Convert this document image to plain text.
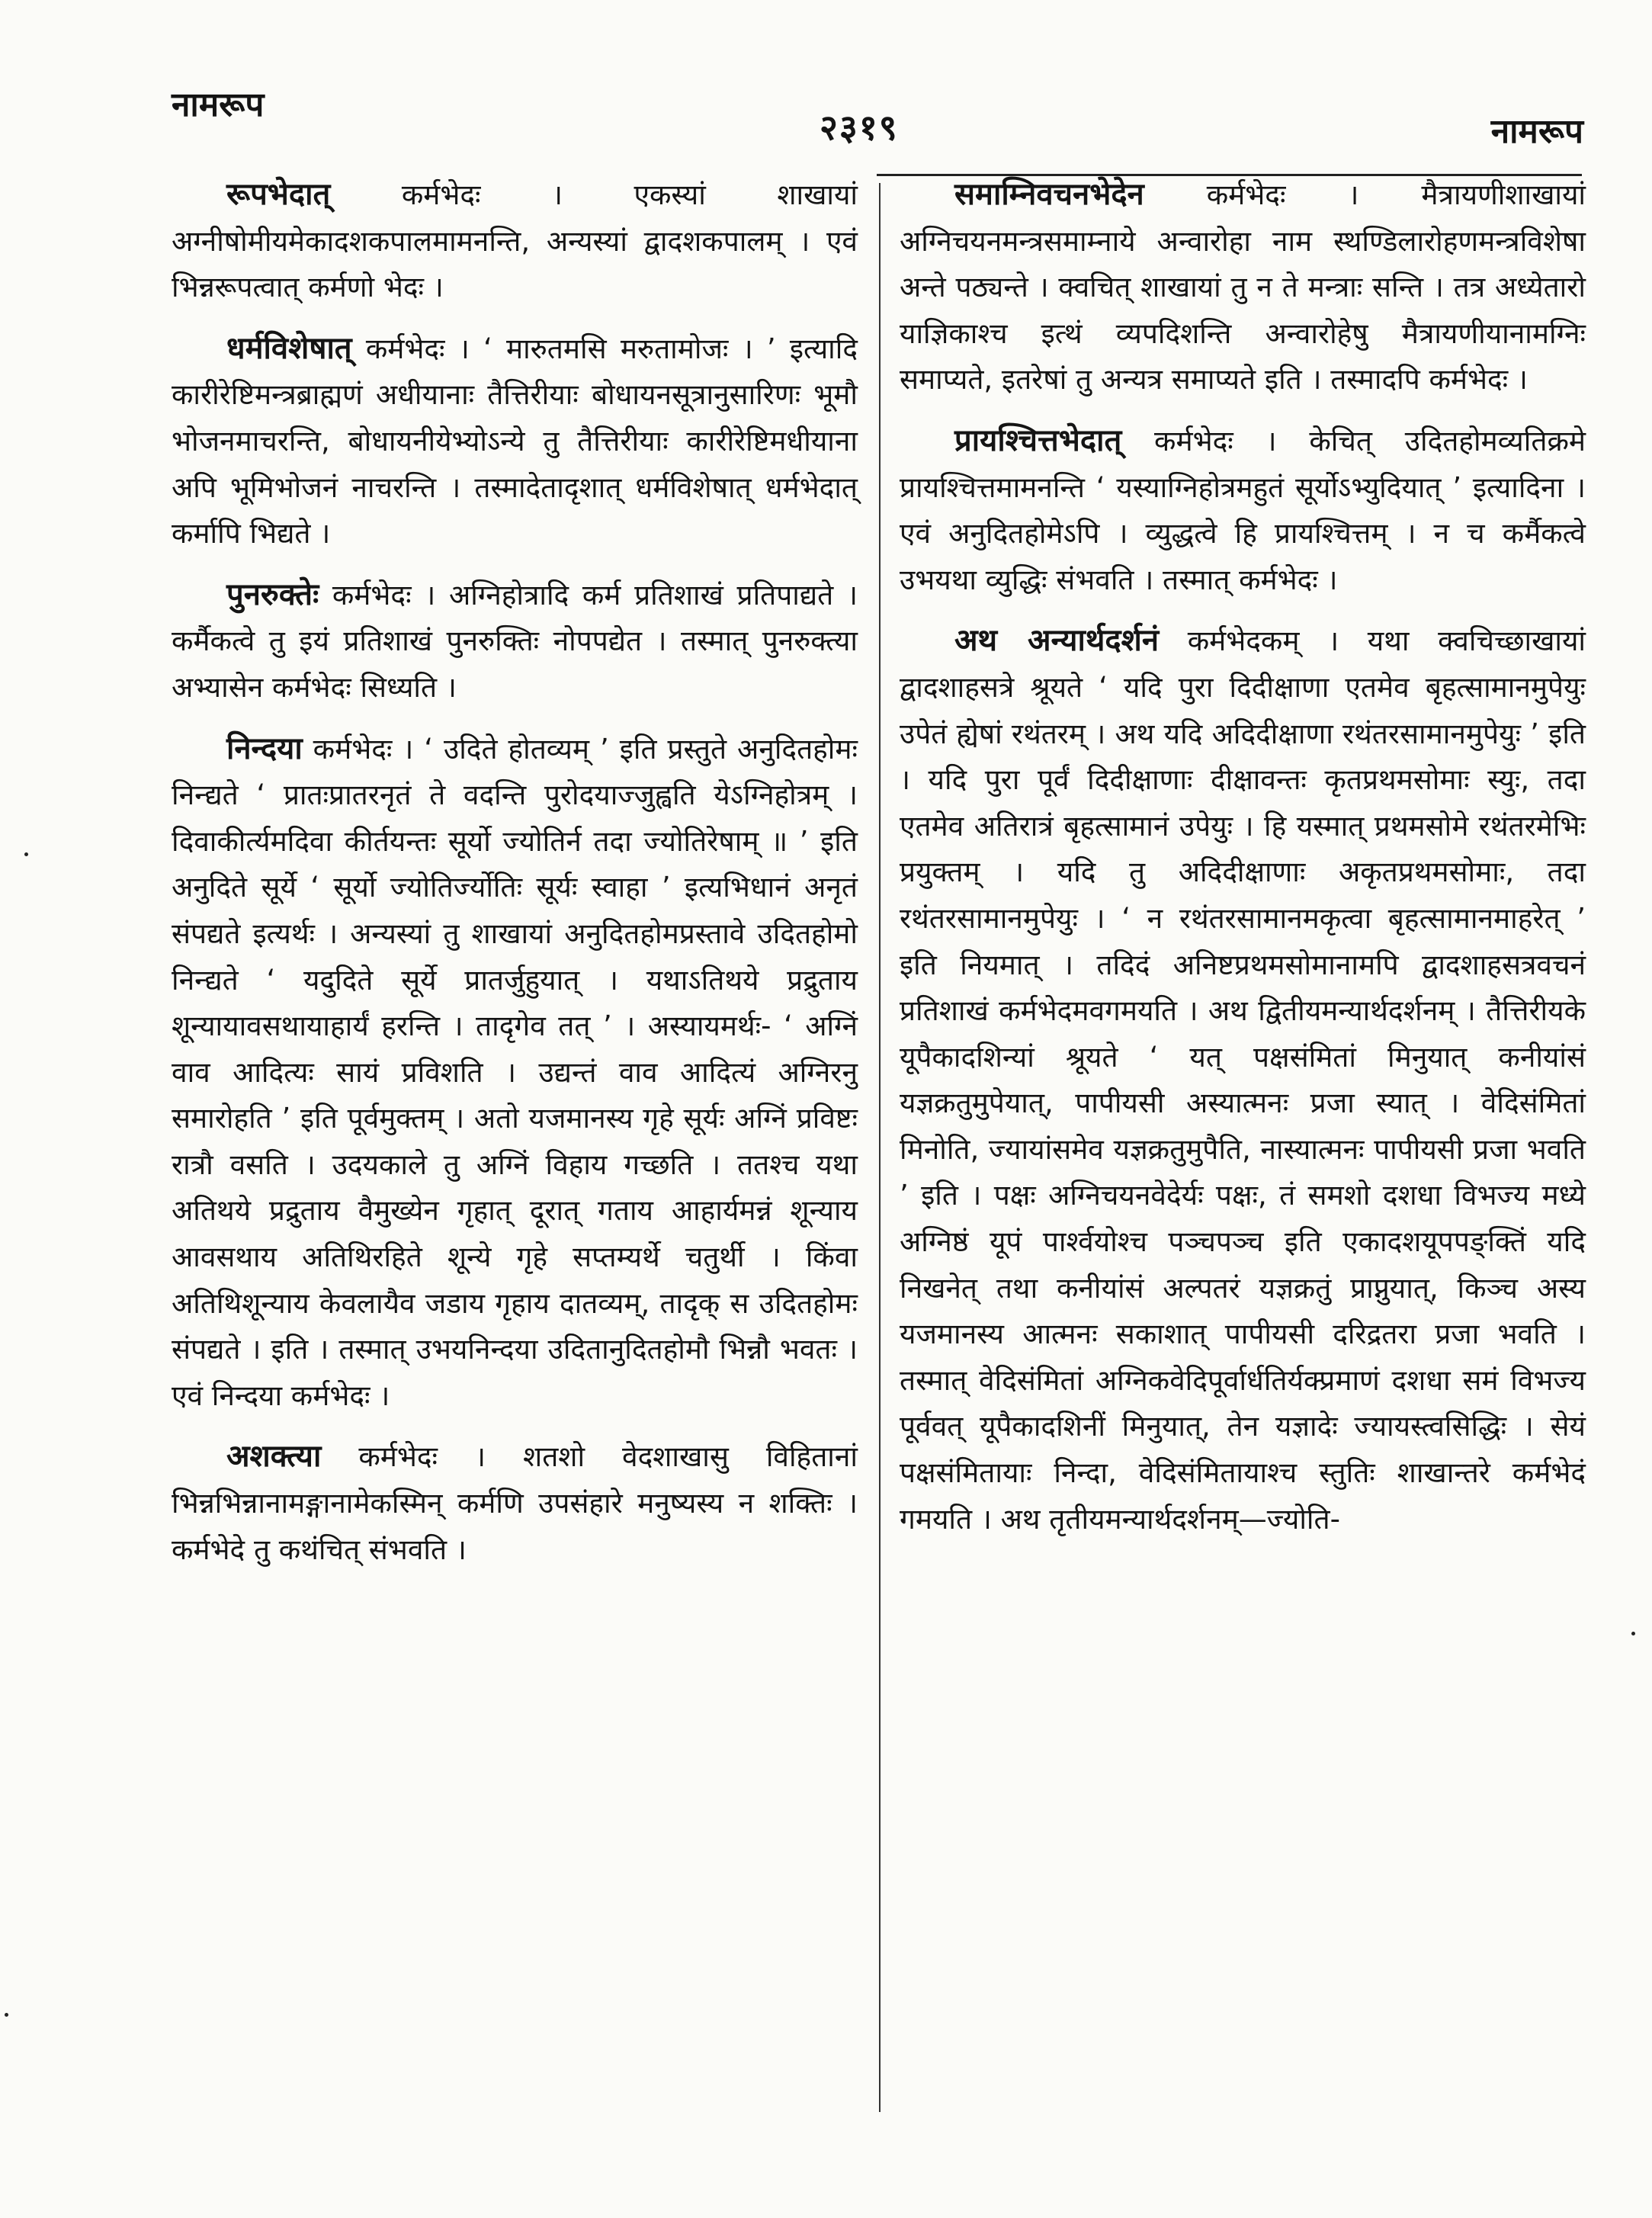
नामरूप
२३१९	नामरूप

रूपभेदात् कर्मभेदः । एकस्यां शाखायां अग्नीषोमीयमेकादशकपालमामनन्ति, अन्यस्यां द्वादशकपालम् । एवं भिन्नरूपत्वात् कर्मणो भेदः ।

धर्मविशेषात् कर्मभेदः । ‘ मारुतमसि मरुतामोजः । ’ इत्यादि कारीरेष्टिमन्त्रब्राह्मणं अधीयानाः तैत्तिरीयाः बोधायनसूत्रानुसारिणः भूमौ भोजनमाचरन्ति, बोधायनीयेभ्योऽन्ये तु तैत्तिरीयाः कारीरेष्टिमधीयाना अपि भूमिभोजनं नाचरन्ति । तस्मादेतादृशात् धर्मविशेषात् धर्मभेदात् कर्मापि भिद्यते ।

पुनरुक्तेः कर्मभेदः । अग्निहोत्रादि कर्म प्रतिशाखं प्रतिपाद्यते । कर्मैकत्वे तु इयं प्रतिशाखं पुनरुक्तिः नोपपद्येत । तस्मात् पुनरुक्त्या अभ्यासेन कर्मभेदः सिध्यति ।

निन्दया कर्मभेदः । ‘ उदिते होतव्यम् ’ इति प्रस्तुते अनुदितहोमः निन्द्यते ‘ प्रातःप्रातरनृतं ते वदन्ति पुरोदयाज्जुह्वति येऽग्निहोत्रम् । दिवाकीर्त्यमदिवा कीर्तयन्तः सूर्यो ज्योतिर्न तदा ज्योतिरेषाम् ॥ ’ इति अनुदिते सूर्ये ‘ सूर्यो ज्योतिर्ज्योतिः सूर्यः स्वाहा ’ इत्यभिधानं अनृतं संपद्यते इत्यर्थः । अन्यस्यां तु शाखायां अनुदितहोमप्रस्तावे उदितहोमो निन्द्यते ‘ यदुदिते सूर्ये प्रातर्जुहुयात् । यथाऽतिथये प्रद्रुताय शून्यायावसथायाहार्यं हरन्ति । तादृगेव तत् ’ । अस्यायमर्थः- ‘ अग्निं वाव आदित्यः सायं प्रविशति । उद्यन्तं वाव आदित्यं अग्निरनु समारोहति ’ इति पूर्वमुक्तम् । अतो यजमानस्य गृहे सूर्यः अग्निं प्रविष्टः रात्रौ वसति । उदयकाले तु अग्निं विहाय गच्छति । ततश्च यथा अतिथये प्रद्रुताय वैमुख्येन गृहात् दूरात् गताय आहार्यमन्नं शून्याय आवसथाय अतिथिरहिते शून्ये गृहे सप्तम्यर्थे चतुर्थी । किंवा अतिथिशून्याय केवलायैव जडाय गृहाय दातव्यम्, तादृक् स उदितहोमः संपद्यते । इति । तस्मात् उभयनिन्दया उदितानुदितहोमौ भिन्नौ भवतः । एवं निन्दया कर्मभेदः ।

अशक्त्या कर्मभेदः । शतशो वेदशाखासु विहितानां भिन्नभिन्नानामङ्गानामेकस्मिन् कर्मणि उपसंहारे मनुष्यस्य न शक्तिः । कर्मभेदे तु कथंचित् संभवति ।

समाम्निवचनभेदेन कर्मभेदः । मैत्रायणीशाखायां अग्निचयनमन्त्रसमाम्नाये अन्वारोहा नाम स्थण्डिलारोहणमन्त्रविशेषा अन्ते पठ्यन्ते । क्वचित् शाखायां तु न ते मन्त्राः सन्ति । तत्र अध्येतारो याज्ञिकाश्च इत्थं व्यपदिशन्ति अन्वारोहेषु मैत्रायणीयानामग्निः समाप्यते, इतरेषां तु अन्यत्र समाप्यते इति । तस्मादपि कर्मभेदः ।

प्रायश्चित्तभेदात् कर्मभेदः । केचित् उदितहोमव्यतिक्रमे प्रायश्चित्तमामनन्ति ‘ यस्याग्निहोत्रमहुतं सूर्योऽभ्युदियात् ’ इत्यादिना । एवं अनुदितहोमेऽपि । व्युद्धत्वे हि प्रायश्चित्तम् । न च कर्मैकत्वे उभयथा व्युद्धिः संभवति । तस्मात् कर्मभेदः ।

अथ अन्यार्थदर्शनं कर्मभेदकम् । यथा क्वचिच्छाखायां द्वादशाहसत्रे श्रूयते ‘ यदि पुरा दिदीक्षाणा एतमेव बृहत्सामानमुपेयुः उपेतं ह्येषां रथंतरम् । अथ यदि अदिदीक्षाणा रथंतरसामानमुपेयुः ’ इति । यदि पुरा पूर्वं दिदीक्षाणाः दीक्षावन्तः कृतप्रथमसोमाः स्युः, तदा एतमेव अतिरात्रं बृहत्सामानं उपेयुः । हि यस्मात् प्रथमसोमे रथंतरमेभिः प्रयुक्तम् । यदि तु अदिदीक्षाणाः अकृतप्रथमसोमाः, तदा रथंतरसामानमुपेयुः । ‘ न रथंतरसामानमकृत्वा बृहत्सामानमाहरेत् ’ इति नियमात् । तदिदं अनिष्टप्रथमसोमानामपि द्वादशाहसत्रवचनं प्रतिशाखं कर्मभेदमवगमयति । अथ द्वितीयमन्यार्थदर्शनम् । तैत्तिरीयके यूपैकादशिन्यां श्रूयते ‘ यत् पक्षसंमितां मिनुयात् कनीयांसं यज्ञक्रतुमुपेयात्, पापीयसी अस्यात्मनः प्रजा स्यात् । वेदिसंमितां मिनोति, ज्यायांसमेव यज्ञक्रतुमुपैति, नास्यात्मनः पापीयसी प्रजा भवति ’ इति । पक्षः अग्निचयनवेदेर्यः पक्षः, तं समशो दशधा विभज्य मध्ये अग्निष्ठं यूपं पार्श्वयोश्च पञ्चपञ्च इति एकादशयूपपङ्क्तिं यदि निखनेत् तथा कनीयांसं अल्पतरं यज्ञक्रतुं प्राप्नुयात्, किञ्च अस्य यजमानस्य आत्मनः सकाशात् पापीयसी दरिद्रतरा प्रजा भवति । तस्मात् वेदिसंमितां अग्निकवेदिपूर्वार्धतिर्यक्प्रमाणं दशधा समं विभज्य पूर्ववत् यूपैकादशिनीं मिनुयात्, तेन यज्ञादेः ज्यायस्त्वसिद्धिः । सेयं पक्षसंमितायाः निन्दा, वेदिसंमितायाश्च स्तुतिः शाखान्तरे कर्मभेदं गमयति । अथ तृतीयमन्यार्थदर्शनम्—ज्योति-
